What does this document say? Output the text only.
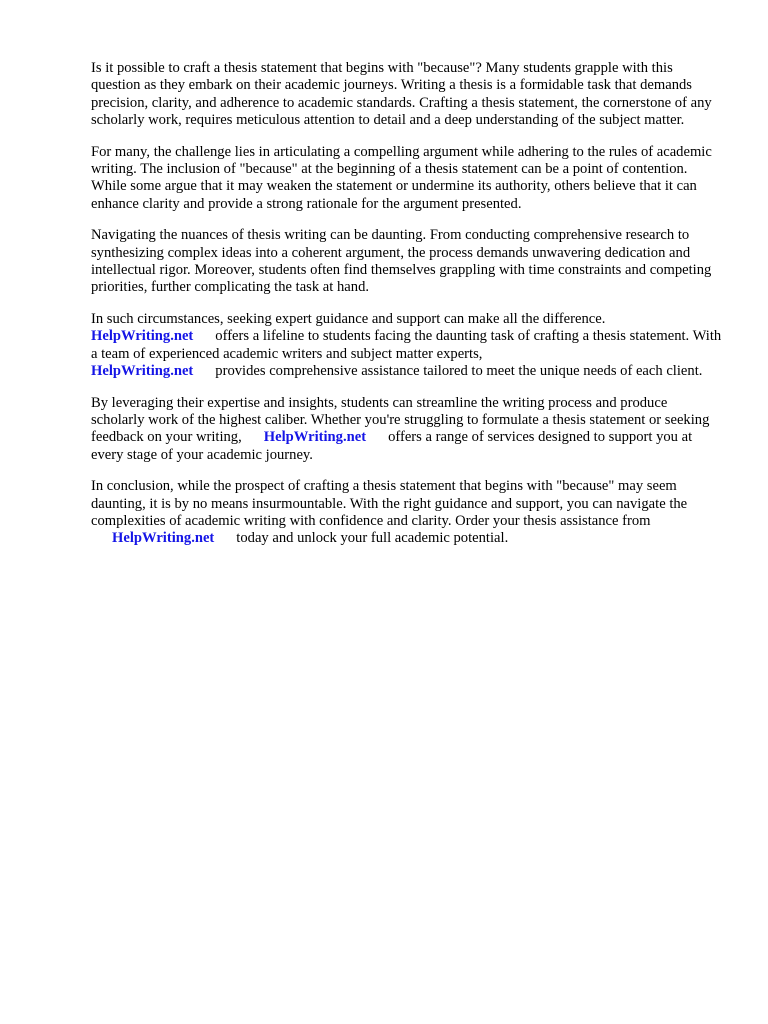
Is it possible to craft a thesis statement that begins with "because"? Many students grapple with this question as they embark on their academic journeys. Writing a thesis is a formidable task that demands precision, clarity, and adherence to academic standards. Crafting a thesis statement, the cornerstone of any scholarly work, requires meticulous attention to detail and a deep understanding of the subject matter.

For many, the challenge lies in articulating a compelling argument while adhering to the rules of academic writing. The inclusion of "because" at the beginning of a thesis statement can be a point of contention. While some argue that it may weaken the statement or undermine its authority, others believe that it can enhance clarity and provide a strong rationale for the argument presented.

Navigating the nuances of thesis writing can be daunting. From conducting comprehensive research to synthesizing complex ideas into a coherent argument, the process demands unwavering dedication and intellectual rigor. Moreover, students often find themselves grappling with time constraints and competing priorities, further complicating the task at hand.

In such circumstances, seeking expert guidance and support can make all the difference.
HelpWriting.net offers a lifeline to students facing the daunting task of crafting a thesis statement. With a team of experienced academic writers and subject matter experts,
HelpWriting.net provides comprehensive assistance tailored to meet the unique needs of each client.

By leveraging their expertise and insights, students can streamline the writing process and produce scholarly work of the highest caliber. Whether you're struggling to formulate a thesis statement or seeking feedback on your writing, HelpWriting.net offers a range of services designed to support you at every stage of your academic journey.

In conclusion, while the prospect of crafting a thesis statement that begins with "because" may seem daunting, it is by no means insurmountable. With the right guidance and support, you can navigate the complexities of academic writing with confidence and clarity. Order your thesis assistance from
HelpWriting.net today and unlock your full academic potential.
